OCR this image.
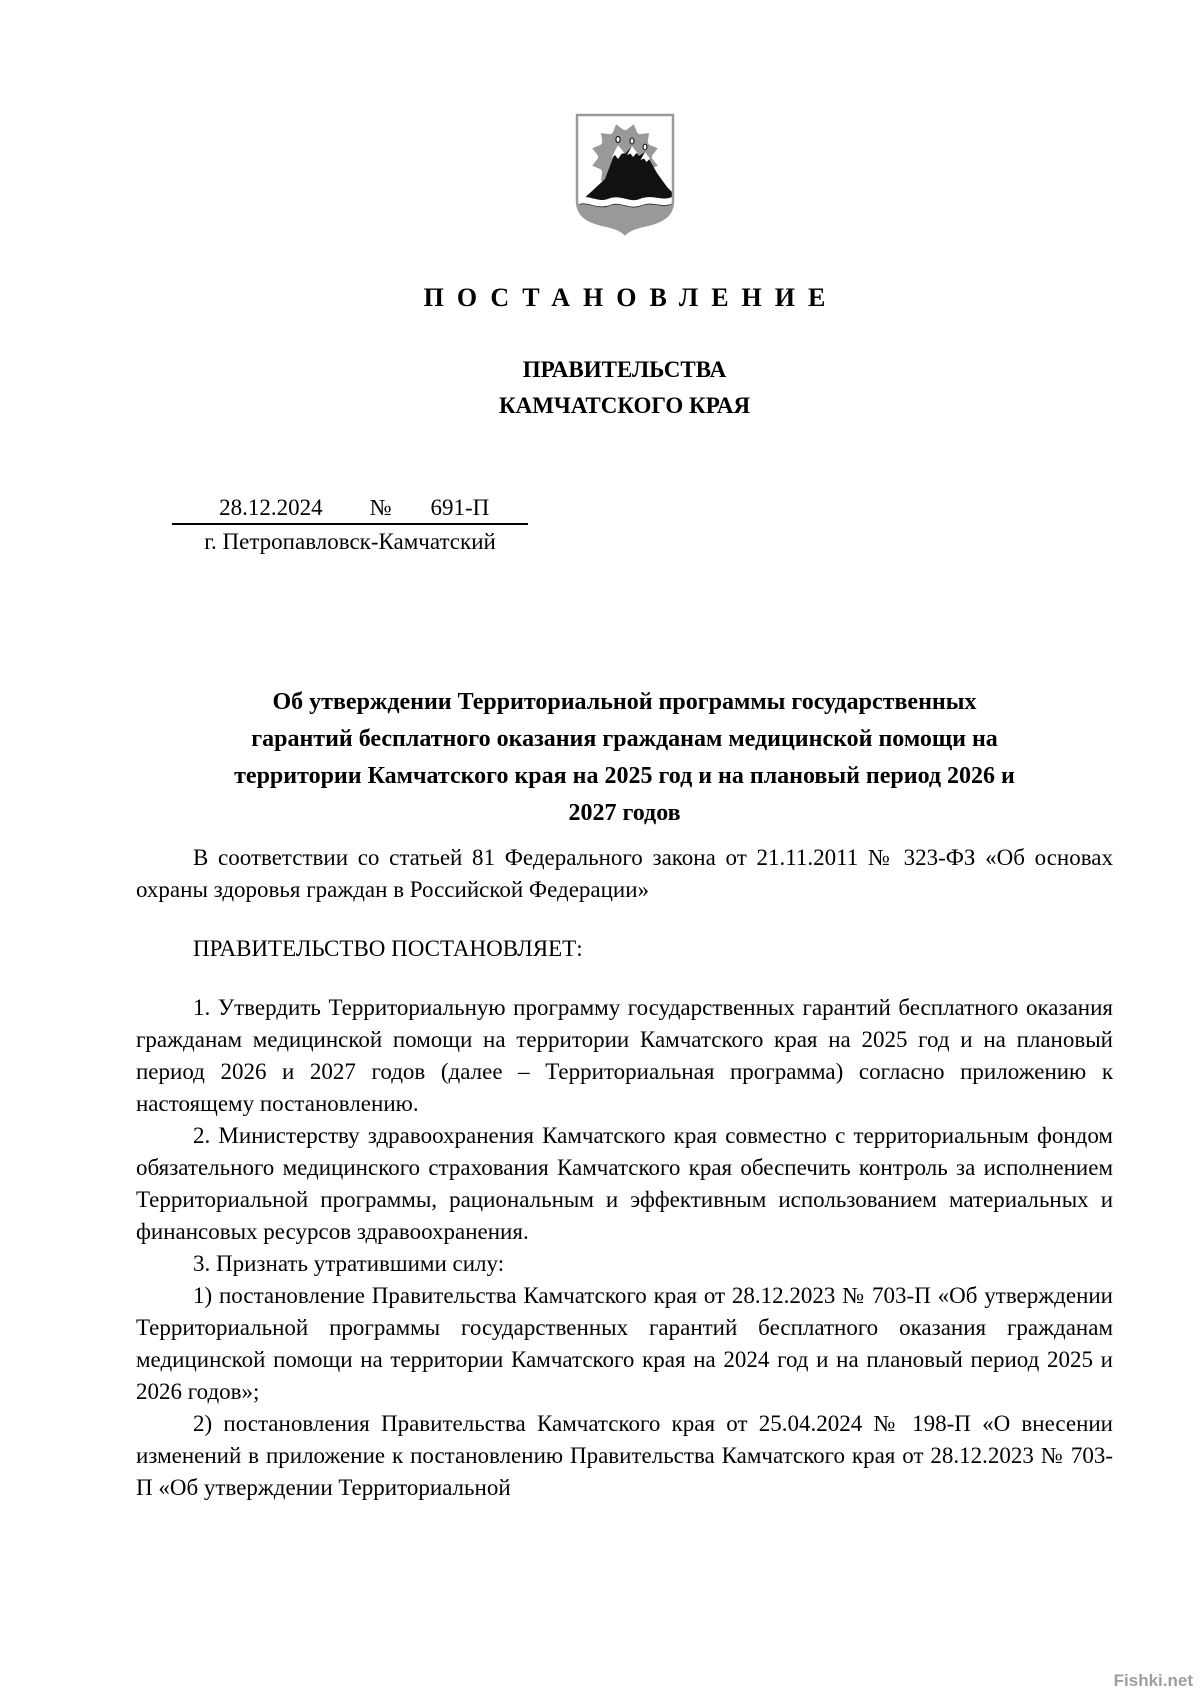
ПОСТАНОВЛЕНИЕ
ПРАВИТЕЛЬСТВА
КАМЧАТСКОГО КРАЯ
28.12.2024	№	691-П
г. Петропавловск-Камчатский
Об утверждении Территориальной программы государственных
гарантий бесплатного оказания гражданам медицинской помощи на
территории Камчатского края на 2025 год и на плановый период 2026 и
2027 годов

В соответствии со статьей 81 Федерального закона от 21.11.2011 № 323-ФЗ «Об основах охраны здоровья граждан в Российской Федерации»

ПРАВИТЕЛЬСТВО ПОСТАНОВЛЯЕТ:

1. Утвердить Территориальную программу государственных гарантий бесплатного оказания гражданам медицинской помощи на территории Камчатского края на 2025 год и на плановый период 2026 и 2027 годов (далее – Территориальная программа) согласно приложению к настоящему постановлению.

2. Министерству здравоохранения Камчатского края совместно с территориальным фондом обязательного медицинского страхования Камчатского края обеспечить контроль за исполнением Территориальной программы, рациональным и эффективным использованием материальных и финансовых ресурсов здравоохранения.

3. Признать утратившими силу:

1) постановление Правительства Камчатского края от 28.12.2023 № 703-П «Об утверждении Территориальной программы государственных гарантий бесплатного оказания гражданам медицинской помощи на территории Камчатского края на 2024 год и на плановый период 2025 и 2026 годов»;

2) постановления Правительства Камчатского края от 25.04.2024 № 198-П «О внесении изменений в приложение к постановлению Правительства Камчатского края от 28.12.2023 № 703-П «Об утверждении Территориальной

Fishki.net
